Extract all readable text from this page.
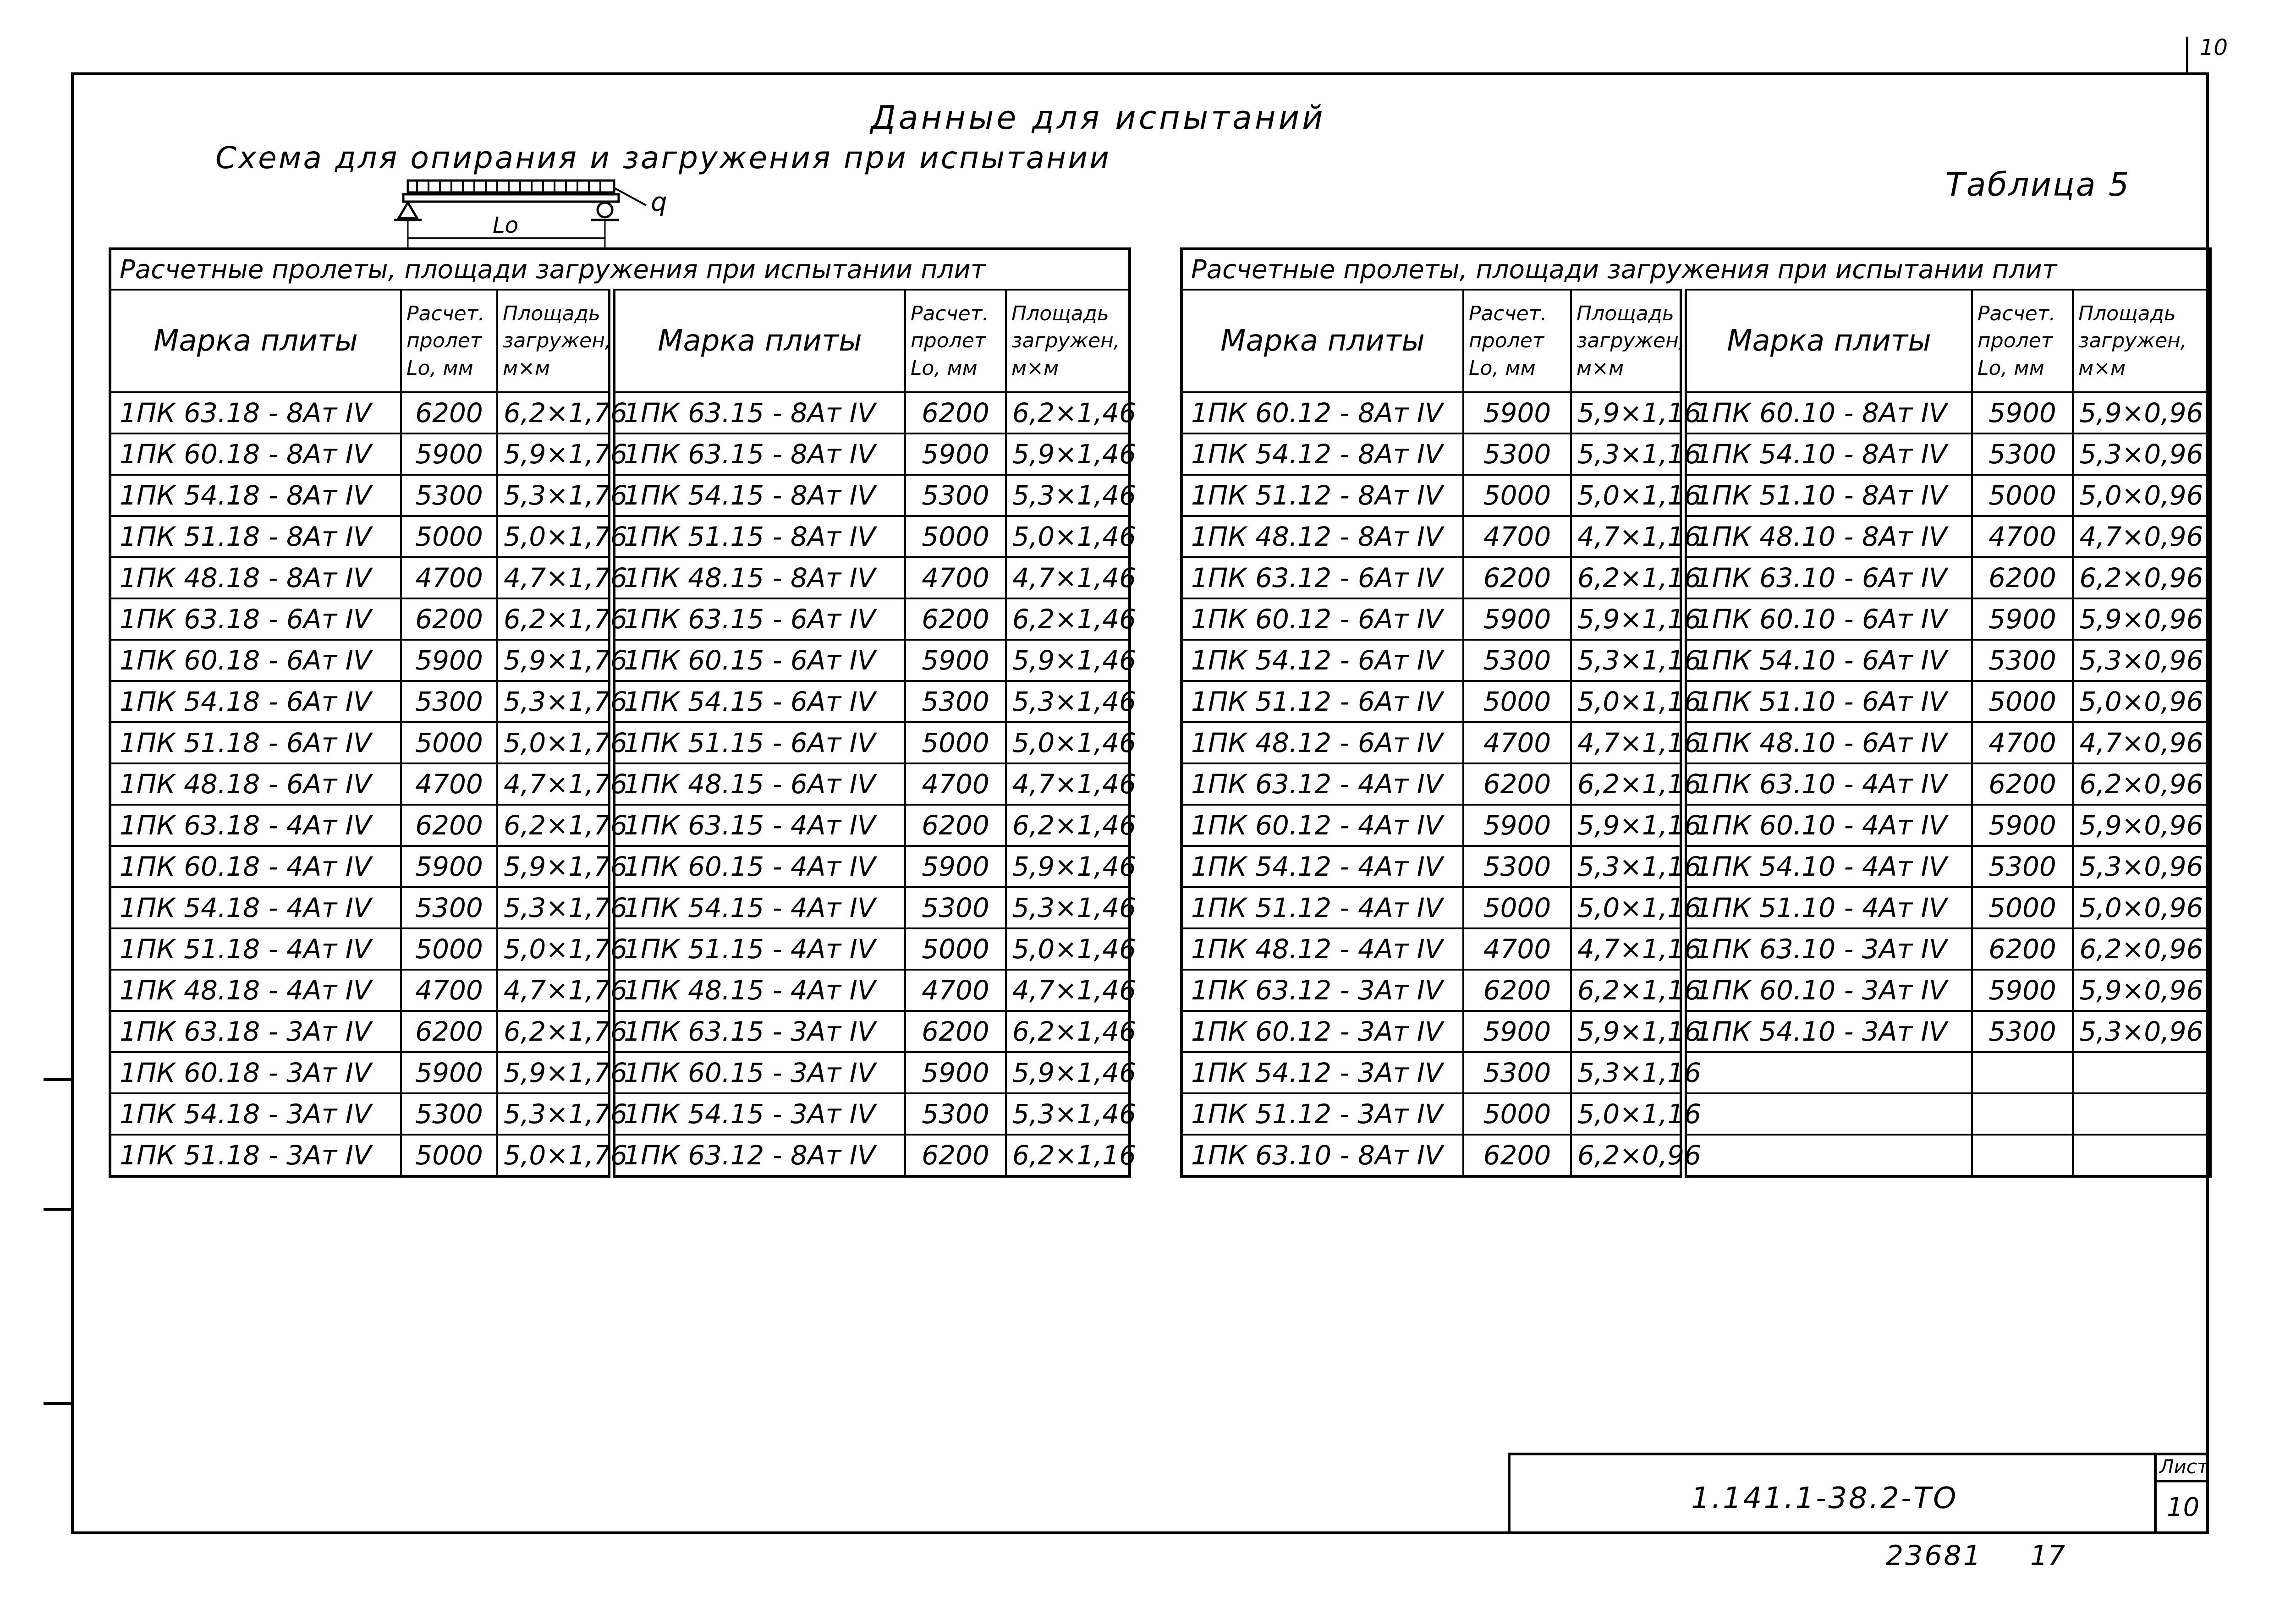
10
Данные для испытаний
Схема для опирания и загружения при испытании
Таблица 5
q
Lo
Расчетные пролеты, площади загружения при испытании плит					
Марка плиты	Расчет. пролет Lo, мм	Площадь загружен, м×м	Марка плиты	Расчет. пролет Lo, мм	Площадь загружен, м×м
1ПК 63.18 - 8Ат IV	6200	6,2×1,76	1ПК 63.15 - 8Ат IV	6200	6,2×1,46
1ПК 60.18 - 8Ат IV	5900	5,9×1,76	1ПК 63.15 - 8Ат IV	5900	5,9×1,46
1ПК 54.18 - 8Ат IV	5300	5,3×1,76	1ПК 54.15 - 8Ат IV	5300	5,3×1,46
1ПК 51.18 - 8Ат IV	5000	5,0×1,76	1ПК 51.15 - 8Ат IV	5000	5,0×1,46
1ПК 48.18 - 8Ат IV	4700	4,7×1,76	1ПК 48.15 - 8Ат IV	4700	4,7×1,46
1ПК 63.18 - 6Ат IV	6200	6,2×1,76	1ПК 63.15 - 6Ат IV	6200	6,2×1,46
1ПК 60.18 - 6Ат IV	5900	5,9×1,76	1ПК 60.15 - 6Ат IV	5900	5,9×1,46
1ПК 54.18 - 6Ат IV	5300	5,3×1,76	1ПК 54.15 - 6Ат IV	5300	5,3×1,46
1ПК 51.18 - 6Ат IV	5000	5,0×1,76	1ПК 51.15 - 6Ат IV	5000	5,0×1,46
1ПК 48.18 - 6Ат IV	4700	4,7×1,76	1ПК 48.15 - 6Ат IV	4700	4,7×1,46
1ПК 63.18 - 4Ат IV	6200	6,2×1,76	1ПК 63.15 - 4Ат IV	6200	6,2×1,46
1ПК 60.18 - 4Ат IV	5900	5,9×1,76	1ПК 60.15 - 4Ат IV	5900	5,9×1,46
1ПК 54.18 - 4Ат IV	5300	5,3×1,76	1ПК 54.15 - 4Ат IV	5300	5,3×1,46
1ПК 51.18 - 4Ат IV	5000	5,0×1,76	1ПК 51.15 - 4Ат IV	5000	5,0×1,46
1ПК 48.18 - 4Ат IV	4700	4,7×1,76	1ПК 48.15 - 4Ат IV	4700	4,7×1,46
1ПК 63.18 - 3Ат IV	6200	6,2×1,76	1ПК 63.15 - 3Ат IV	6200	6,2×1,46
1ПК 60.18 - 3Ат IV	5900	5,9×1,76	1ПК 60.15 - 3Ат IV	5900	5,9×1,46
1ПК 54.18 - 3Ат IV	5300	5,3×1,76	1ПК 54.15 - 3Ат IV	5300	5,3×1,46
1ПК 51.18 - 3Ат IV	5000	5,0×1,76	1ПК 63.12 - 8Ат IV	6200	6,2×1,16
Расчетные пролеты, площади загружения при испытании плит					
Марка плиты	Расчет. пролет Lo, мм	Площадь загружен, м×м	Марка плиты	Расчет. пролет Lo, мм	Площадь загружен, м×м
1ПК 60.12 - 8Ат IV	5900	5,9×1,16	1ПК 60.10 - 8Ат IV	5900	5,9×0,96
1ПК 54.12 - 8Ат IV	5300	5,3×1,16	1ПК 54.10 - 8Ат IV	5300	5,3×0,96
1ПК 51.12 - 8Ат IV	5000	5,0×1,16	1ПК 51.10 - 8Ат IV	5000	5,0×0,96
1ПК 48.12 - 8Ат IV	4700	4,7×1,16	1ПК 48.10 - 8Ат IV	4700	4,7×0,96
1ПК 63.12 - 6Ат IV	6200	6,2×1,16	1ПК 63.10 - 6Ат IV	6200	6,2×0,96
1ПК 60.12 - 6Ат IV	5900	5,9×1,16	1ПК 60.10 - 6Ат IV	5900	5,9×0,96
1ПК 54.12 - 6Ат IV	5300	5,3×1,16	1ПК 54.10 - 6Ат IV	5300	5,3×0,96
1ПК 51.12 - 6Ат IV	5000	5,0×1,16	1ПК 51.10 - 6Ат IV	5000	5,0×0,96
1ПК 48.12 - 6Ат IV	4700	4,7×1,16	1ПК 48.10 - 6Ат IV	4700	4,7×0,96
1ПК 63.12 - 4Ат IV	6200	6,2×1,16	1ПК 63.10 - 4Ат IV	6200	6,2×0,96
1ПК 60.12 - 4Ат IV	5900	5,9×1,16	1ПК 60.10 - 4Ат IV	5900	5,9×0,96
1ПК 54.12 - 4Ат IV	5300	5,3×1,16	1ПК 54.10 - 4Ат IV	5300	5,3×0,96
1ПК 51.12 - 4Ат IV	5000	5,0×1,16	1ПК 51.10 - 4Ат IV	5000	5,0×0,96
1ПК 48.12 - 4Ат IV	4700	4,7×1,16	1ПК 63.10 - 3Ат IV	6200	6,2×0,96
1ПК 63.12 - 3Ат IV	6200	6,2×1,16	1ПК 60.10 - 3Ат IV	5900	5,9×0,96
1ПК 60.12 - 3Ат IV	5900	5,9×1,16	1ПК 54.10 - 3Ат IV	5300	5,3×0,96
1ПК 54.12 - 3Ат IV	5300	5,3×1,16			
1ПК 51.12 - 3Ат IV	5000	5,0×1,16			
1ПК 63.10 - 8Ат IV	6200	6,2×0,96			
Лист
10
1.141.1-38.2-ТО
23681 17
